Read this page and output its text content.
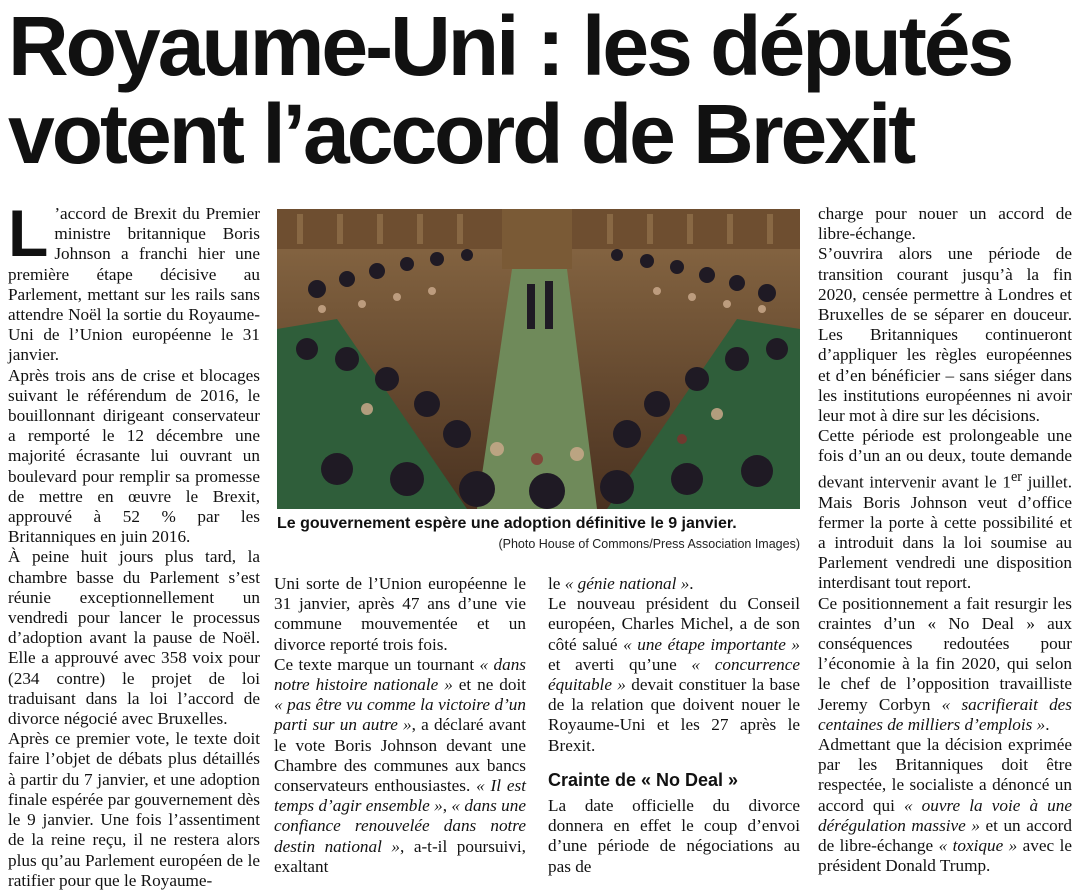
Royaume-Uni : les députés
votent l’accord de Brexit

L ’accord de Brexit du Premier ministre britannique Boris Johnson a franchi hier une première étape décisive au Parlement, mettant sur les rails sans attendre Noël la sortie du Royaume-Uni de l’Union européenne le 31 janvier.

Après trois ans de crise et blocages suivant le référendum de 2016, le bouillonnant dirigeant conservateur a remporté le 12 décembre une majorité écrasante lui ouvrant un boulevard pour remplir sa promesse de mettre en œuvre le Brexit, approuvé à 52 % par les Britanniques en juin 2016.

À peine huit jours plus tard, la chambre basse du Parlement s’est réunie exceptionnellement un vendredi pour lancer le processus d’adoption avant la pause de Noël. Elle a approuvé avec 358 voix pour (234 contre) le projet de loi traduisant dans la loi l’accord de divorce négocié avec Bruxelles.

Après ce premier vote, le texte doit faire l’objet de débats plus détaillés à partir du 7 janvier, et une adoption finale espérée par gouvernement dès le 9 janvier. Une fois l’assentiment de la reine reçu, il ne restera alors plus qu’au Parlement européen de le ratifier pour que le Royaume-

Le gouvernement espère une adoption définitive le 9 janvier.
(Photo House of Commons/Press Association Images)

Uni sorte de l’Union européenne le 31 janvier, après 47 ans d’une vie commune mouvementée et un divorce reporté trois fois.

Ce texte marque un tournant « dans notre histoire nationale » et ne doit « pas être vu comme la victoire d’un parti sur un autre », a déclaré avant le vote Boris Johnson devant une Chambre des communes aux bancs conservateurs enthousiastes. « Il est temps d’agir ensemble », « dans une confiance renouvelée dans notre destin national », a-t-il poursuivi, exaltant

le « génie national ».

Le nouveau président du Conseil européen, Charles Michel, a de son côté salué « une étape importante » et averti qu’une « concurrence équitable » devait constituer la base de la relation que doivent nouer le Royaume-Uni et les 27 après le Brexit.

Crainte de « No Deal »

La date officielle du divorce donnera en effet le coup d’envoi d’une période de négociations au pas de

charge pour nouer un accord de libre-échange.

S’ouvrira alors une période de transition courant jusqu’à la fin 2020, censée permettre à Londres et Bruxelles de se séparer en douceur. Les Britanniques continueront d’appliquer les règles européennes et d’en bénéficier – sans siéger dans les institutions européennes ni avoir leur mot à dire sur les décisions.

Cette période est prolongeable une fois d’un an ou deux, toute demande devant intervenir avant le 1er juillet. Mais Boris Johnson veut d’office fermer la porte à cette possibilité et a introduit dans la loi soumise au Parlement vendredi une disposition interdisant tout report.

Ce positionnement a fait resurgir les craintes d’un « No Deal » aux conséquences redoutées pour l’économie à la fin 2020, qui selon le chef de l’opposition travailliste Jeremy Corbyn « sacrifierait des centaines de milliers d’emplois ».

Admettant que la décision exprimée par les Britanniques doit être respectée, le socialiste a dénoncé un accord qui « ouvre la voie à une dérégulation massive » et un accord de libre-échange « toxique » avec le président Donald Trump.
